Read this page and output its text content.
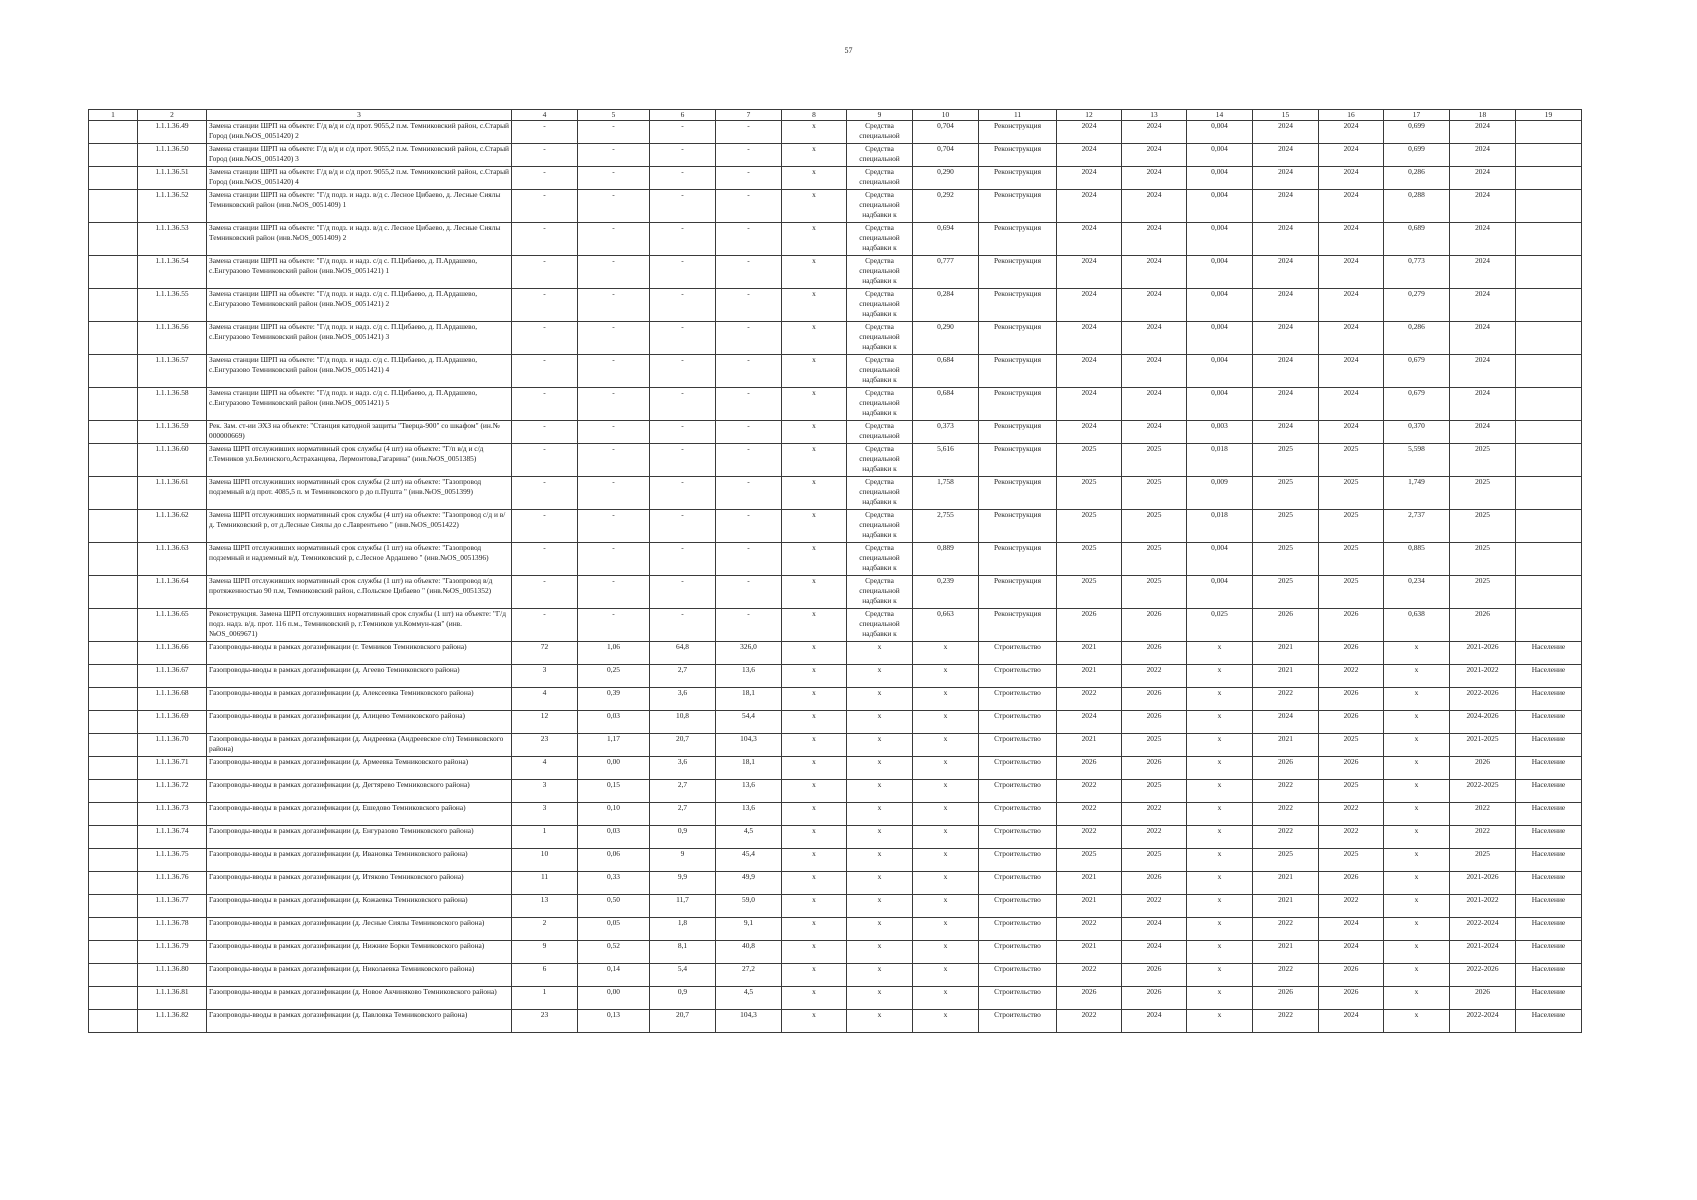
57
1	2	3	4	5	6	7	8	9	10	11	12	13	14	15	16	17	18	19
	1.1.1.36.49	Замена станции ШРП на объекте: Г/д в/д и с/д прот. 9055,2 п.м. Темниковский район, с.Старый Город (инв.№OS_0051420) 2	-	-	-	-	х	Средства специальной	0,704	Реконструкция	2024	2024	0,004	2024	2024	0,699	2024	
	1.1.1.36.50	Замена станции ШРП на объекте: Г/д в/д и с/д прот. 9055,2 п.м. Темниковский район, с.Старый Город (инв.№OS_0051420) 3	-	-	-	-	х	Средства специальной	0,704	Реконструкция	2024	2024	0,004	2024	2024	0,699	2024	
	1.1.1.36.51	Замена станции ШРП на объекте: Г/д в/д и с/д прот. 9055,2 п.м. Темниковский район, с.Старый Город (инв.№OS_0051420) 4	-	-	-	-	х	Средства специальной	0,290	Реконструкция	2024	2024	0,004	2024	2024	0,286	2024	
	1.1.1.36.52	Замена станции ШРП на объекте: "Г/д подз. и надз. в/д с. Лесное Цибаево, д. Лесные Сиялы Темниковский район (инв.№OS_0051409) 1	-	-	-	-	х	Средства специальной надбавки к	0,292	Реконструкция	2024	2024	0,004	2024	2024	0,288	2024	
	1.1.1.36.53	Замена станции ШРП на объекте: "Г/д подз. и надз. в/д с. Лесное Цибаево, д. Лесные Сиялы Темниковский район (инв.№OS_0051409) 2	-	-	-	-	х	Средства специальной надбавки к	0,694	Реконструкция	2024	2024	0,004	2024	2024	0,689	2024	
	1.1.1.36.54	Замена станции ШРП на объекте: "Г/д подз. и надз. с/д с. П.Цибаево, д. П.Ардашево, с.Енгуразово Темниковский район (инв.№OS_0051421) 1	-	-	-	-	х	Средства специальной надбавки к	0,777	Реконструкция	2024	2024	0,004	2024	2024	0,773	2024	
	1.1.1.36.55	Замена станции ШРП на объекте: "Г/д подз. и надз. с/д с. П.Цибаево, д. П.Ардашево, с.Енгуразово Темниковский район (инв.№OS_0051421) 2	-	-	-	-	х	Средства специальной надбавки к	0,284	Реконструкция	2024	2024	0,004	2024	2024	0,279	2024	
	1.1.1.36.56	Замена станции ШРП на объекте: "Г/д подз. и надз. с/д с. П.Цибаево, д. П.Ардашево, с.Енгуразово Темниковский район (инв.№OS_0051421) 3	-	-	-	-	х	Средства специальной надбавки к	0,290	Реконструкция	2024	2024	0,004	2024	2024	0,286	2024	
	1.1.1.36.57	Замена станции ШРП на объекте: "Г/д подз. и надз. с/д с. П.Цибаево, д. П.Ардашево, с.Енгуразово Темниковский район (инв.№OS_0051421) 4	-	-	-	-	х	Средства специальной надбавки к	0,684	Реконструкция	2024	2024	0,004	2024	2024	0,679	2024	
	1.1.1.36.58	Замена станции ШРП на объекте: "Г/д подз. и надз. с/д с. П.Цибаево, д. П.Ардашево, с.Енгуразово Темниковский район (инв.№OS_0051421) 5	-	-	-	-	х	Средства специальной надбавки к	0,684	Реконструкция	2024	2024	0,004	2024	2024	0,679	2024	
	1.1.1.36.59	Рек. Зам. ст-ии ЭХЗ на объекте: "Станция катодной защиты "Тверца-900" со шкафом" (ин.№ 000000669)	-	-	-	-	х	Средства специальной	0,373	Реконструкция	2024	2024	0,003	2024	2024	0,370	2024	
	1.1.1.36.60	Замена ШРП отслуживших нормативный срок службы (4 шт) на объекте: "Г/п в/д и с/д г.Темников ул.Белинского,Астраханцева, Лермонтова,Гагарина" (инв.№OS_0051385)	-	-	-	-	х	Средства специальной надбавки к	5,616	Реконструкция	2025	2025	0,018	2025	2025	5,598	2025	
	1.1.1.36.61	Замена ШРП отслуживших нормативный срок службы (2 шт) на объекте: "Газопровод подземный в/д прот. 4085,5 п. м Темниковского р до п.Пушта " (инв.№OS_0051399)	-	-	-	-	х	Средства специальной надбавки к	1,758	Реконструкция	2025	2025	0,009	2025	2025	1,749	2025	
	1.1.1.36.62	Замена ШРП отслуживших нормативный срок службы (4 шт) на объекте: "Газопровод с/д и в/д. Темниковский р, от д.Лесные Сиялы до с.Лаврентьево " (инв.№OS_0051422)	-	-	-	-	х	Средства специальной надбавки к	2,755	Реконструкция	2025	2025	0,018	2025	2025	2,737	2025	
	1.1.1.36.63	Замена ШРП отслуживших нормативный срок службы (1 шт) на объекте: "Газопровод подземный и надземный в/д. Темниковский р, с.Лесное Ардашево " (инв.№OS_0051396)	-	-	-	-	х	Средства специальной надбавки к	0,889	Реконструкция	2025	2025	0,004	2025	2025	0,885	2025	
	1.1.1.36.64	Замена ШРП отслуживших нормативный срок службы (1 шт) на объекте: "Газопровод в/д протяженностью 90 п.м, Темниковский район, с.Польское Цибаево " (инв.№OS_0051352)	-	-	-	-	х	Средства специальной надбавки к	0,239	Реконструкция	2025	2025	0,004	2025	2025	0,234	2025	
	1.1.1.36.65	Реконструкция. Замена ШРП отслуживших нормативный срок службы (1 шт) на объекте: "Г/д подз. надз. в/д. прот. 116 п.м., Темниковский р, г.Темников ул.Коммун-кая" (инв.№OS_0069671)	-	-	-	-	х	Средства специальной надбавки к	0,663	Реконструкция	2026	2026	0,025	2026	2026	0,638	2026	
	1.1.1.36.66	Газопроводы-вводы в рамках догазификации (г. Темников Темниковского района)	72	1,06	64,8	326,0	х	х	х	Строительство	2021	2026	х	2021	2026	х	2021-2026	Население
	1.1.1.36.67	Газопроводы-вводы в рамках догазификации (д. Агеево Темниковского района)	3	0,25	2,7	13,6	х	х	х	Строительство	2021	2022	х	2021	2022	х	2021-2022	Население
	1.1.1.36.68	Газопроводы-вводы в рамках догазификации (д. Алексеевка Темниковского района)	4	0,39	3,6	18,1	х	х	х	Строительство	2022	2026	х	2022	2026	х	2022-2026	Население
	1.1.1.36.69	Газопроводы-вводы в рамках догазификации (д. Алицево Темниковского района)	12	0,03	10,8	54,4	х	х	х	Строительство	2024	2026	х	2024	2026	х	2024-2026	Население
	1.1.1.36.70	Газопроводы-вводы в рамках догазификации (д. Андреевка (Андреевское с/п) Темниковского района)	23	1,17	20,7	104,3	х	х	х	Строительство	2021	2025	х	2021	2025	х	2021-2025	Население
	1.1.1.36.71	Газопроводы-вводы в рамках догазификации (д. Армеевка Темниковского района)	4	0,00	3,6	18,1	х	х	х	Строительство	2026	2026	х	2026	2026	х	2026	Население
	1.1.1.36.72	Газопроводы-вводы в рамках догазификации (д. Дегтярево Темниковского района)	3	0,15	2,7	13,6	х	х	х	Строительство	2022	2025	х	2022	2025	х	2022-2025	Население
	1.1.1.36.73	Газопроводы-вводы в рамках догазификации (д. Ешедово Темниковского района)	3	0,10	2,7	13,6	х	х	х	Строительство	2022	2022	х	2022	2022	х	2022	Население
	1.1.1.36.74	Газопроводы-вводы в рамках догазификации (д. Енгуразово Темниковского района)	1	0,03	0,9	4,5	х	х	х	Строительство	2022	2022	х	2022	2022	х	2022	Население
	1.1.1.36.75	Газопроводы-вводы в рамках догазификации (д. Ивановка Темниковского района)	10	0,06	9	45,4	х	х	х	Строительство	2025	2025	х	2025	2025	х	2025	Население
	1.1.1.36.76	Газопроводы-вводы в рамках догазификации (д. Итяково Темниковского района)	11	0,33	9,9	49,9	х	х	х	Строительство	2021	2026	х	2021	2026	х	2021-2026	Население
	1.1.1.36.77	Газопроводы-вводы в рамках догазификации (д. Кожаевка Темниковского района)	13	0,50	11,7	59,0	х	х	х	Строительство	2021	2022	х	2021	2022	х	2021-2022	Население
	1.1.1.36.78	Газопроводы-вводы в рамках догазификации (д. Лесные Сиялы Темниковского района)	2	0,05	1,8	9,1	х	х	х	Строительство	2022	2024	х	2022	2024	х	2022-2024	Население
	1.1.1.36.79	Газопроводы-вводы в рамках догазификации (д. Нижние Борки Темниковского района)	9	0,52	8,1	40,8	х	х	х	Строительство	2021	2024	х	2021	2024	х	2021-2024	Население
	1.1.1.36.80	Газопроводы-вводы в рамках догазификации (д. Николаевка Темниковского района)	6	0,14	5,4	27,2	х	х	х	Строительство	2022	2026	х	2022	2026	х	2022-2026	Население
	1.1.1.36.81	Газопроводы-вводы в рамках догазификации (д. Новое Акчиняково Темниковского района)	1	0,00	0,9	4,5	х	х	х	Строительство	2026	2026	х	2026	2026	х	2026	Население
	1.1.1.36.82	Газопроводы-вводы в рамках догазификации (д. Павловка Темниковского района)	23	0,13	20,7	104,3	х	х	х	Строительство	2022	2024	х	2022	2024	х	2022-2024	Население
